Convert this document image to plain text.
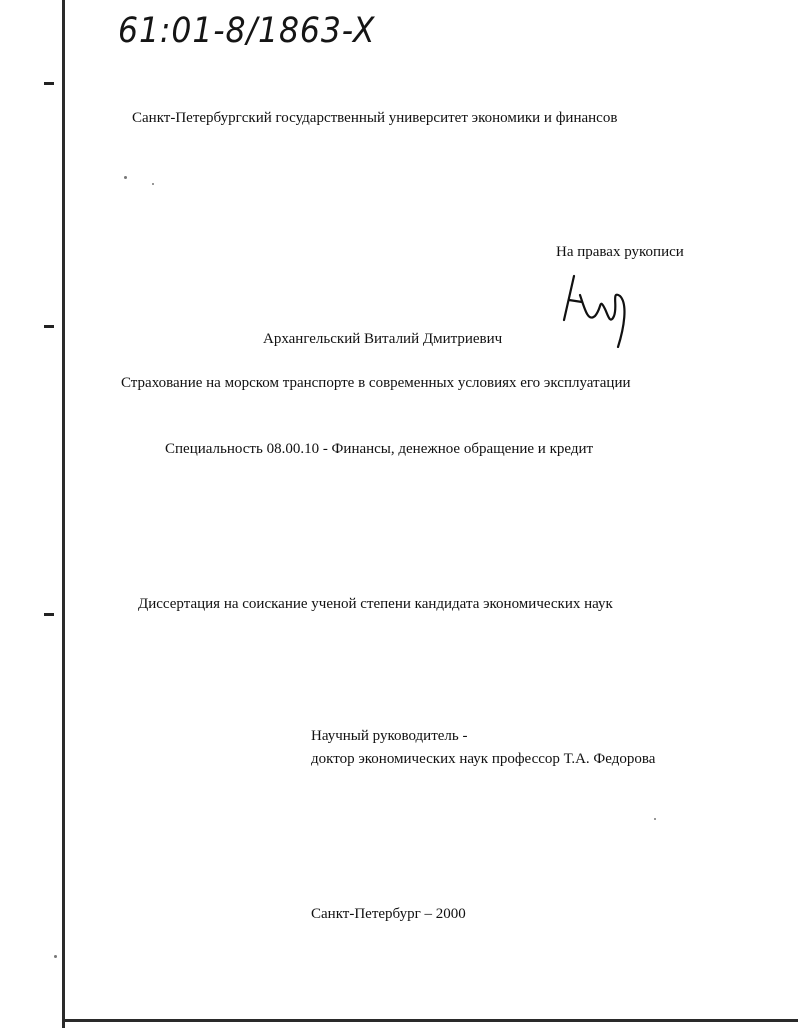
61:01-8/1863-X

Санкт-Петербургский государственный университет экономики и финансов

На правах рукописи

Архангельский Виталий Дмитриевич

Страхование на морском транспорте в современных условиях его эксплуатации

Специальность 08.00.10 - Финансы, денежное обращение и кредит

Диссертация на соискание ученой степени кандидата экономических наук

Научный руководитель -

доктор экономических наук профессор Т.А. Федорова

Санкт-Петербург – 2000
